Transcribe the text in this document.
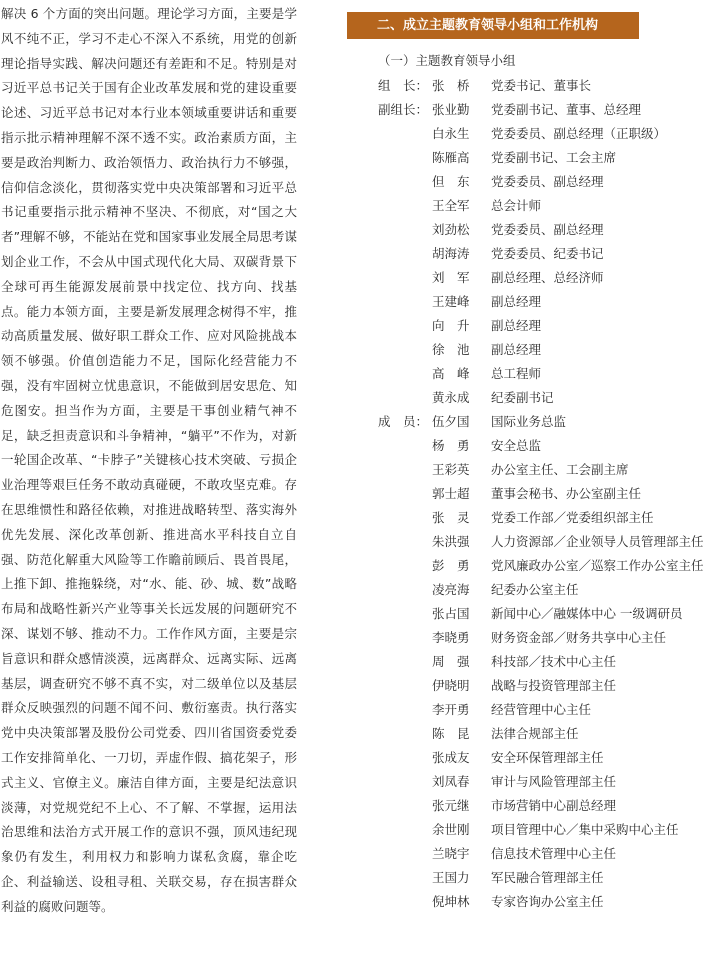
解决 6 个方面的突出问题。理论学习方面，主要是学风不纯不正，学习不走心不深入不系统，用党的创新理论指导实践、解决问题还有差距和不足。特别是对习近平总书记关于国有企业改革发展和党的建设重要论述、习近平总书记对本行业本领域重要讲话和重要指示批示精神理解不深不透不实。政治素质方面，主要是政治判断力、政治领悟力、政治执行力不够强，信仰信念淡化，贯彻落实党中央决策部署和习近平总书记重要指示批示精神不坚决、不彻底，对“国之大者”理解不够，不能站在党和国家事业发展全局思考谋划企业工作，不会从中国式现代化大局、双碳背景下全球可再生能源发展前景中找定位、找方向、找基点。能力本领方面，主要是新发展理念树得不牢，推动高质量发展、做好职工群众工作、应对风险挑战本领不够强。价值创造能力不足，国际化经营能力不强，没有牢固树立忧患意识，不能做到居安思危、知危图安。担当作为方面，主要是干事创业精气神不足，缺乏担责意识和斗争精神，“躺平”不作为，对新一轮国企改革、“卡脖子”关键核心技术突破、亏损企业治理等艰巨任务不敢动真碰硬，不敢攻坚克难。存在思维惯性和路径依赖，对推进战略转型、落实海外优先发展、深化改革创新、推进高水平科技自立自强、防范化解重大风险等工作瞻前顾后、畏首畏尾，上推下卸、推拖躲绕，对“水、能、砂、城、数”战略布局和战略性新兴产业等事关长远发展的问题研究不深、谋划不够、推动不力。工作作风方面，主要是宗旨意识和群众感情淡漠，远离群众、远离实际、远离基层，调查研究不够不真不实，对二级单位以及基层群众反映强烈的问题不闻不问、敷衍塞责。执行落实党中央决策部署及股份公司党委、四川省国资委党委工作安排简单化、一刀切，弄虚作假、搞花架子，形式主义、官僚主义。廉洁自律方面，主要是纪法意识淡薄，对党规党纪不上心、不了解、不掌握，运用法治思维和法治方式开展工作的意识不强，顶风违纪现象仍有发生，利用权力和影响力谋私贪腐，靠企吃企、利益输送、设租寻租、关联交易，存在损害群众利益的腐败问题等。

二、成立主题教育领导小组和工作机构
（一）主题教育领导小组
组　长： 张　桥	党委书记、董事长
副组长： 张业勤	党委副书记、董事、总经理
白永生	党委委员、副总经理（正职级）
陈雁高	党委副书记、工会主席
但　东	党委委员、副总经理
王全军	总会计师
刘劲松	党委委员、副总经理
胡海涛	党委委员、纪委书记
刘　军	副总经理、总经济师
王建峰	副总经理
向　升	副总经理
徐　池	副总经理
高　峰	总工程师
黄永成	纪委副书记
成　员： 伍夕国	国际业务总监
杨　勇	安全总监
王彩英	办公室主任、工会副主席
郭士超	董事会秘书、办公室副主任
张　灵	党委工作部／党委组织部主任
朱洪强	人力资源部／企业领导人员管理部主任
彭　勇	党风廉政办公室／巡察工作办公室主任
凌亮海	纪委办公室主任
张占国	新闻中心／融媒体中心 一级调研员
李晓勇	财务资金部／财务共享中心主任
周　强	科技部／技术中心主任
伊晓明	战略与投资管理部主任
李开勇	经营管理中心主任
陈　昆	法律合规部主任
张成友	安全环保管理部主任
刘凤春	审计与风险管理部主任
张元继	市场营销中心副总经理
余世刚	项目管理中心／集中采购中心主任
兰晓宇	信息技术管理中心主任
王国力	军民融合管理部主任
倪坤林	专家咨询办公室主任
